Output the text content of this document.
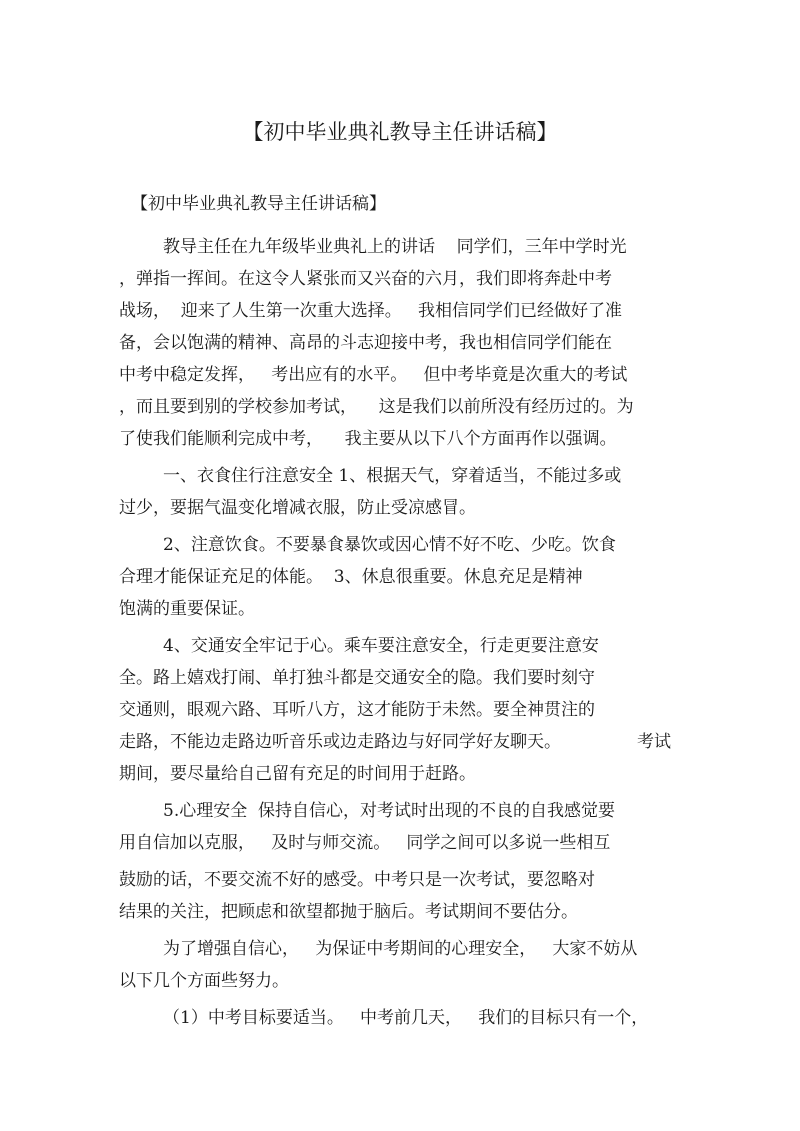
【初中毕业典礼教导主任讲话稿】
【初中毕业典礼教导主任讲话稿】
教导主任在九年级毕业典礼上的讲话    同学们，三年中学时光
，弹指一挥间。在这令人紧张而又兴奋的六月，我们即将奔赴中考
战场，  迎来了人生第一次重大选择。   我相信同学们已经做好了准
备，会以饱满的精神、高昂的斗志迎接中考，我也相信同学们能在
中考中稳定发挥，   考出应有的水平。   但中考毕竟是次重大的考试
，而且要到别的学校参加考试，    这是我们以前所没有经历过的。为
了使我们能顺利完成中考，    我主要从以下八个方面再作以强调。
一、衣食住行注意安全 1、根据天气，穿着适当，不能过多或
过少，要据气温变化增减衣服，防止受凉感冒。
2、注意饮食。不要暴食暴饮或因心情不好不吃、少吃。饮食
合理才能保证充足的体能。  3、休息很重要。休息充足是精神
饱满的重要保证。
4、交通安全牢记于心。乘车要注意安全，行走更要注意安
全。路上嬉戏打闹、单打独斗都是交通安全的隐。我们要时刻守
交通则，眼观六路、耳听八方，这才能防于未然。要全神贯注的
走路，不能边走路边听音乐或边走路边与好同学好友聊天。	考试
期间，要尽量给自己留有充足的时间用于赶路。
5.心理安全  保持自信心，对考试时出现的不良的自我感觉要
用自信加以克服，   及时与师交流。   同学之间可以多说一些相互
鼓励的话，不要交流不好的感受。中考只是一次考试，要忽略对
结果的关注，把顾虑和欲望都抛于脑后。考试期间不要估分。
为了增强自信心，   为保证中考期间的心理安全，   大家不妨从
以下几个方面些努力。
（1）中考目标要适当。   中考前几天，   我们的目标只有一个，
